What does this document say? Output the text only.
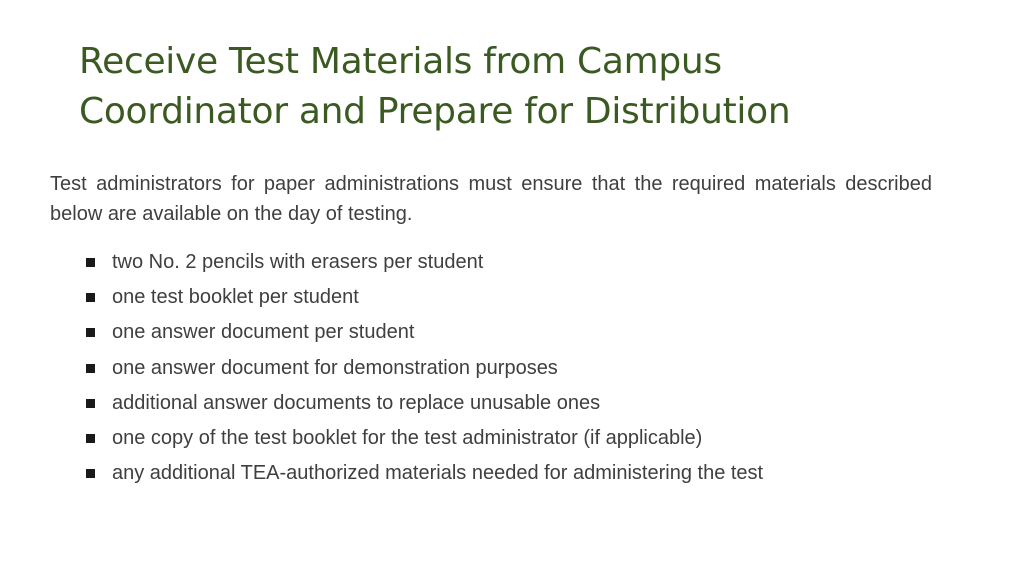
Receive Test Materials from Campus
Coordinator and Prepare for Distribution

Test administrators for paper administrations must ensure that the required materials described below are available on the day of testing.

two No. 2 pencils with erasers per student
one test booklet per student
one answer document per student
one answer document for demonstration purposes
additional answer documents to replace unusable ones
one copy of the test booklet for the test administrator (if applicable)
any additional TEA-authorized materials needed for administering the test
